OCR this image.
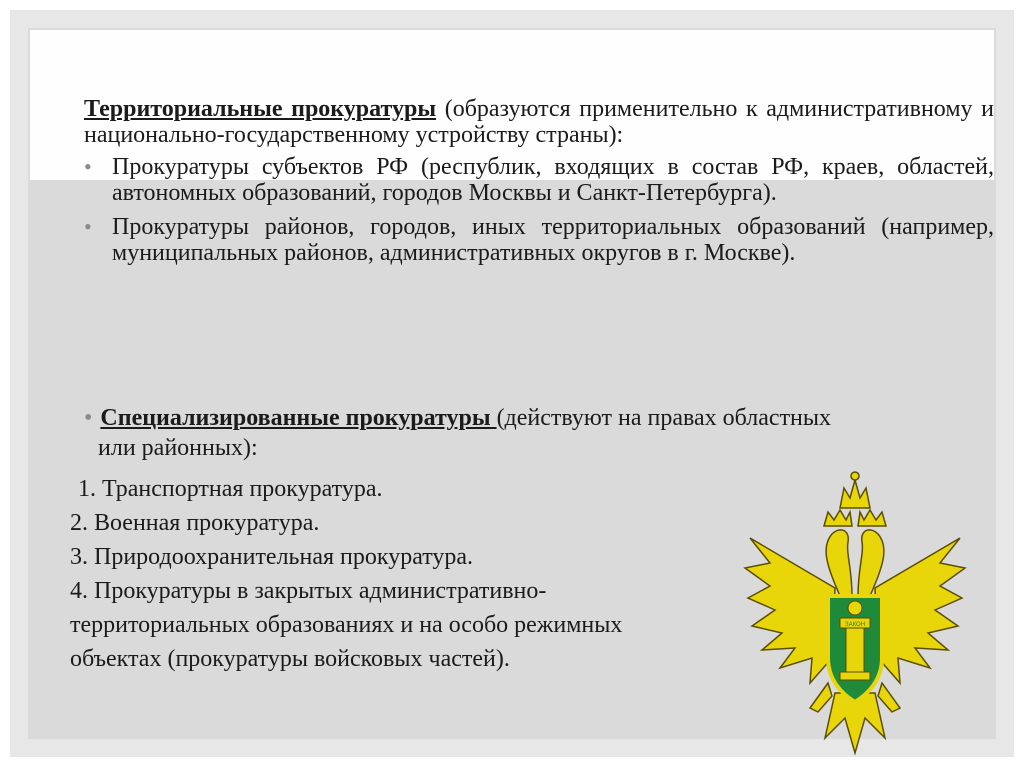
Территориальные прокуратуры (образуются применительно к административному и национально-государственному устройству страны):

• Прокуратуры субъектов РФ (республик, входящих в состав РФ, краев, областей, автономных образований, городов Москвы и Санкт-Петербурга).

• Прокуратуры районов, городов, иных территориальных образований (например, муниципальных районов, административных округов в г. Москве).

• Специализированные прокуратуры (действуют на правах областных
или районных):
1. Транспортная прокуратура.
2. Военная прокуратура.
3. Природоохранительная прокуратура.
4. Прокуратуры в закрытых административно-
территориальных образованиях и на особо режимных
объектах (прокуратуры войсковых частей).
ЗАКОН
